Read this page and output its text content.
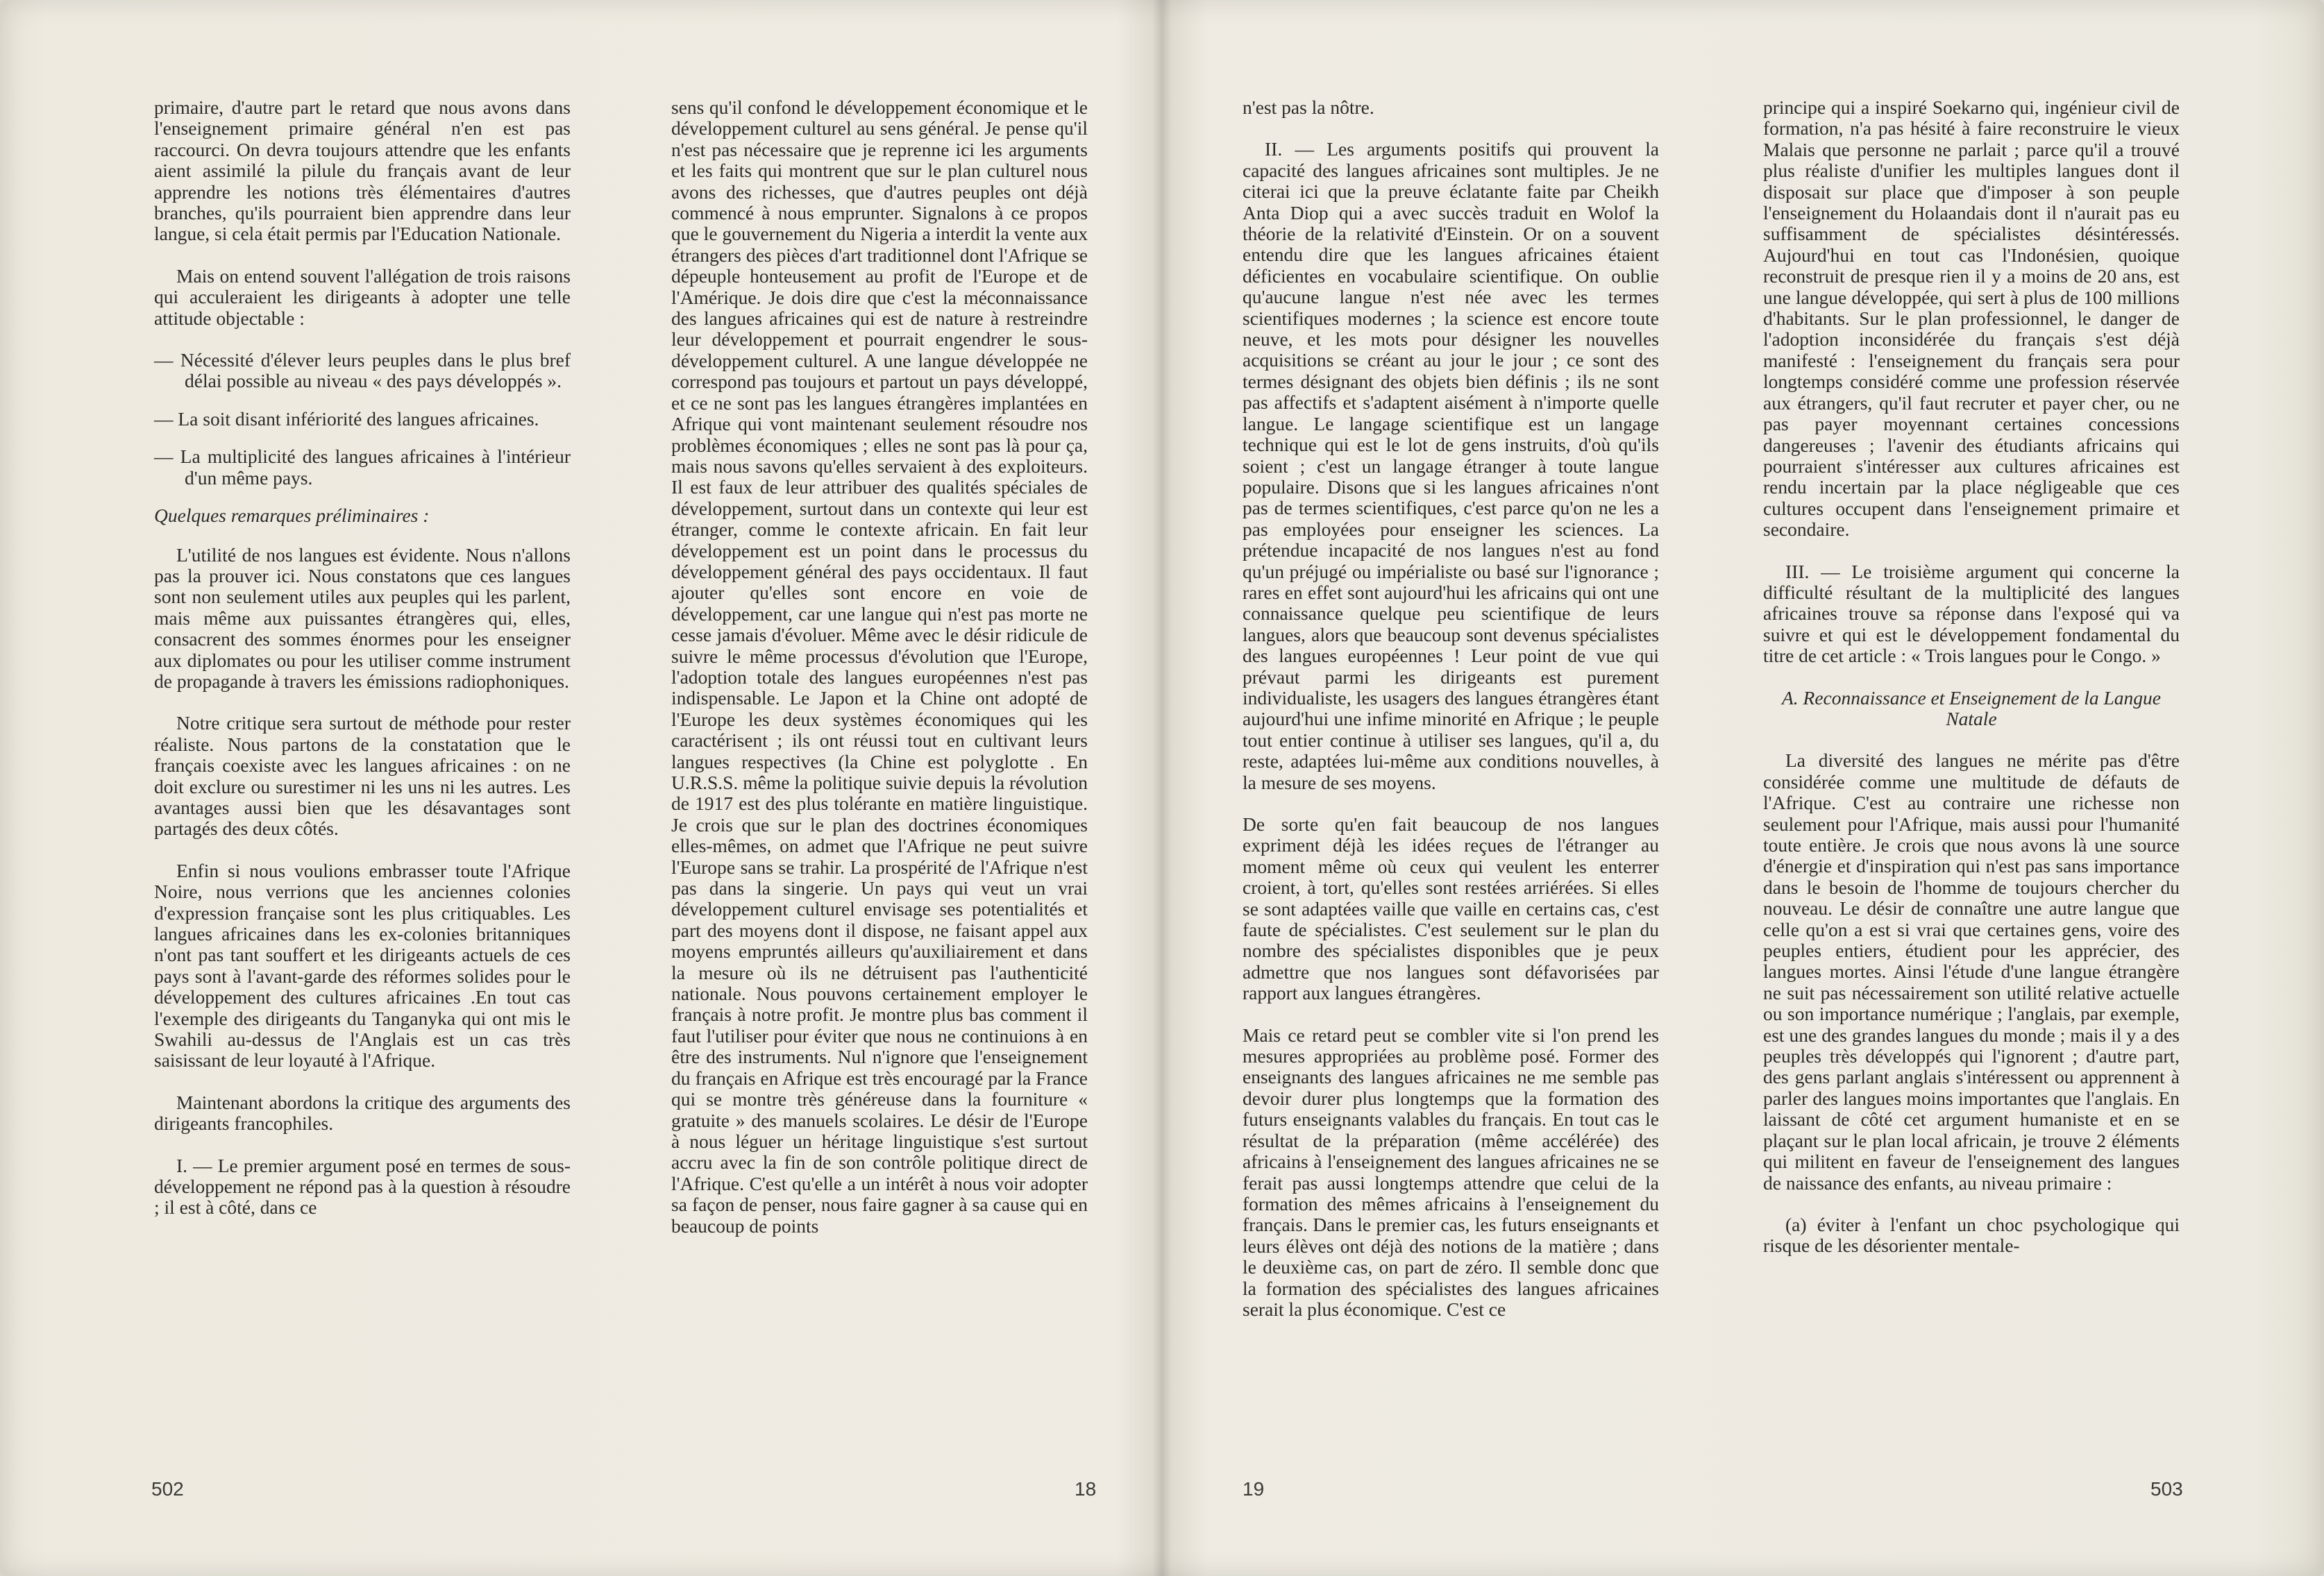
primaire, d'autre part le retard que nous avons dans l'enseignement primaire général n'en est pas raccourci. On devra toujours attendre que les enfants aient assimilé la pilule du français avant de leur apprendre les notions très élémentaires d'autres branches, qu'ils pourraient bien apprendre dans leur langue, si cela était permis par l'Education Nationale.

Mais on entend souvent l'allégation de trois raisons qui acculeraient les dirigeants à adopter une telle attitude objectable :

— Nécessité d'élever leurs peuples dans le plus bref délai possible au niveau « des pays développés ».

— La soit disant infériorité des langues africaines.

— La multiplicité des langues africaines à l'intérieur d'un même pays.

Quelques remarques préliminaires :

L'utilité de nos langues est évidente. Nous n'allons pas la prouver ici. Nous constatons que ces langues sont non seulement utiles aux peuples qui les parlent, mais même aux puissantes étrangères qui, elles, consacrent des sommes énormes pour les enseigner aux diplomates ou pour les utiliser comme instrument de propagande à travers les émissions radiophoniques.

Notre critique sera surtout de méthode pour rester réaliste. Nous partons de la constatation que le français coexiste avec les langues africaines : on ne doit exclure ou surestimer ni les uns ni les autres. Les avantages aussi bien que les désavantages sont partagés des deux côtés.

Enfin si nous voulions embrasser toute l'Afrique Noire, nous verrions que les anciennes colonies d'expression française sont les plus critiquables. Les langues africaines dans les ex-colonies britanniques n'ont pas tant souffert et les dirigeants actuels de ces pays sont à l'avant-garde des réformes solides pour le développement des cultures africaines .En tout cas l'exemple des dirigeants du Tanganyka qui ont mis le Swahili au-dessus de l'Anglais est un cas très saisissant de leur loyauté à l'Afrique.

Maintenant abordons la critique des arguments des dirigeants francophiles.

I. — Le premier argument posé en termes de sous-développement ne répond pas à la question à résoudre ; il est à côté, dans ce

sens qu'il confond le développement économique et le développement culturel au sens général. Je pense qu'il n'est pas nécessaire que je reprenne ici les arguments et les faits qui montrent que sur le plan culturel nous avons des richesses, que d'autres peuples ont déjà commencé à nous emprunter. Signalons à ce propos que le gouvernement du Nigeria a interdit la vente aux étrangers des pièces d'art traditionnel dont l'Afrique se dépeuple honteusement au profit de l'Europe et de l'Amérique. Je dois dire que c'est la méconnaissance des langues africaines qui est de nature à restreindre leur développement et pourrait engendrer le sous-développement culturel. A une langue développée ne correspond pas toujours et partout un pays développé, et ce ne sont pas les langues étrangères implantées en Afrique qui vont maintenant seulement résoudre nos problèmes économiques ; elles ne sont pas là pour ça, mais nous savons qu'elles servaient à des exploiteurs. Il est faux de leur attribuer des qualités spéciales de développement, surtout dans un contexte qui leur est étranger, comme le contexte africain. En fait leur développement est un point dans le processus du développement général des pays occidentaux. Il faut ajouter qu'elles sont encore en voie de développement, car une langue qui n'est pas morte ne cesse jamais d'évoluer. Même avec le désir ridicule de suivre le même processus d'évolution que l'Europe, l'adoption totale des langues européennes n'est pas indispensable. Le Japon et la Chine ont adopté de l'Europe les deux systèmes économiques qui les caractérisent ; ils ont réussi tout en cultivant leurs langues respectives (la Chine est polyglotte . En U.R.S.S. même la politique suivie depuis la révolution de 1917 est des plus tolérante en matière linguistique. Je crois que sur le plan des doctrines économiques elles-mêmes, on admet que l'Afrique ne peut suivre l'Europe sans se trahir. La prospérité de l'Afrique n'est pas dans la singerie. Un pays qui veut un vrai développement culturel envisage ses potentialités et part des moyens dont il dispose, ne faisant appel aux moyens empruntés ailleurs qu'auxiliairement et dans la mesure où ils ne détruisent pas l'authenticité nationale. Nous pouvons certainement employer le français à notre profit. Je montre plus bas comment il faut l'utiliser pour éviter que nous ne continuions à en être des instruments. Nul n'ignore que l'enseignement du français en Afrique est très encouragé par la France qui se montre très généreuse dans la fourniture « gratuite » des manuels scolaires. Le désir de l'Europe à nous léguer un héritage linguistique s'est surtout accru avec la fin de son contrôle politique direct de l'Afrique. C'est qu'elle a un intérêt à nous voir adopter sa façon de penser, nous faire gagner à sa cause qui en beaucoup de points

n'est pas la nôtre.

II. — Les arguments positifs qui prouvent la capacité des langues africaines sont multiples. Je ne citerai ici que la preuve éclatante faite par Cheikh Anta Diop qui a avec succès traduit en Wolof la théorie de la relativité d'Einstein. Or on a souvent entendu dire que les langues africaines étaient déficientes en vocabulaire scientifique. On oublie qu'aucune langue n'est née avec les termes scientifiques modernes ; la science est encore toute neuve, et les mots pour désigner les nouvelles acquisitions se créant au jour le jour ; ce sont des termes désignant des objets bien définis ; ils ne sont pas affectifs et s'adaptent aisément à n'importe quelle langue. Le langage scientifique est un langage technique qui est le lot de gens instruits, d'où qu'ils soient ; c'est un langage étranger à toute langue populaire. Disons que si les langues africaines n'ont pas de termes scientifiques, c'est parce qu'on ne les a pas employées pour enseigner les sciences. La prétendue incapacité de nos langues n'est au fond qu'un préjugé ou impérialiste ou basé sur l'ignorance ; rares en effet sont aujourd'hui les africains qui ont une connaissance quelque peu scientifique de leurs langues, alors que beaucoup sont devenus spécialistes des langues européennes ! Leur point de vue qui prévaut parmi les dirigeants est purement individualiste, les usagers des langues étrangères étant aujourd'hui une infime minorité en Afrique ; le peuple tout entier continue à utiliser ses langues, qu'il a, du reste, adaptées lui-même aux conditions nouvelles, à la mesure de ses moyens.

De sorte qu'en fait beaucoup de nos langues expriment déjà les idées reçues de l'étranger au moment même où ceux qui veulent les enterrer croient, à tort, qu'elles sont restées arriérées. Si elles se sont adaptées vaille que vaille en certains cas, c'est faute de spécialistes. C'est seulement sur le plan du nombre des spécialistes disponibles que je peux admettre que nos langues sont défavorisées par rapport aux langues étrangères.

Mais ce retard peut se combler vite si l'on prend les mesures appropriées au problème posé. Former des enseignants des langues africaines ne me semble pas devoir durer plus longtemps que la formation des futurs enseignants valables du français. En tout cas le résultat de la préparation (même accélérée) des africains à l'enseignement des langues africaines ne se ferait pas aussi longtemps attendre que celui de la formation des mêmes africains à l'enseignement du français. Dans le premier cas, les futurs enseignants et leurs élèves ont déjà des notions de la matière ; dans le deuxième cas, on part de zéro. Il semble donc que la formation des spécialistes des langues africaines serait la plus économique. C'est ce

principe qui a inspiré Soekarno qui, ingénieur civil de formation, n'a pas hésité à faire reconstruire le vieux Malais que personne ne parlait ; parce qu'il a trouvé plus réaliste d'unifier les multiples langues dont il disposait sur place que d'imposer à son peuple l'enseignement du Holaandais dont il n'aurait pas eu suffisamment de spécialistes désintéressés. Aujourd'hui en tout cas l'Indonésien, quoique reconstruit de presque rien il y a moins de 20 ans, est une langue développée, qui sert à plus de 100 millions d'habitants. Sur le plan professionnel, le danger de l'adoption inconsidérée du français s'est déjà manifesté : l'enseignement du français sera pour longtemps considéré comme une profession réservée aux étrangers, qu'il faut recruter et payer cher, ou ne pas payer moyennant certaines concessions dangereuses ; l'avenir des étudiants africains qui pourraient s'intéresser aux cultures africaines est rendu incertain par la place négligeable que ces cultures occupent dans l'enseignement primaire et secondaire.

III. — Le troisième argument qui concerne la difficulté résultant de la multiplicité des langues africaines trouve sa réponse dans l'exposé qui va suivre et qui est le développement fondamental du titre de cet article : « Trois langues pour le Congo. »

A. Reconnaissance et Enseignement de la Langue Natale

La diversité des langues ne mérite pas d'être considérée comme une multitude de défauts de l'Afrique. C'est au contraire une richesse non seulement pour l'Afrique, mais aussi pour l'humanité toute entière. Je crois que nous avons là une source d'énergie et d'inspiration qui n'est pas sans importance dans le besoin de l'homme de toujours chercher du nouveau. Le désir de connaître une autre langue que celle qu'on a est si vrai que certaines gens, voire des peuples entiers, étudient pour les apprécier, des langues mortes. Ainsi l'étude d'une langue étrangère ne suit pas nécessairement son utilité relative actuelle ou son importance numérique ; l'anglais, par exemple, est une des grandes langues du monde ; mais il y a des peuples très développés qui l'ignorent ; d'autre part, des gens parlant anglais s'intéressent ou apprennent à parler des langues moins importantes que l'anglais. En laissant de côté cet argument humaniste et en se plaçant sur le plan local africain, je trouve 2 éléments qui militent en faveur de l'enseignement des langues de naissance des enfants, au niveau primaire :

(a) éviter à l'enfant un choc psychologique qui risque de les désorienter mentale-

502	18	19	503
